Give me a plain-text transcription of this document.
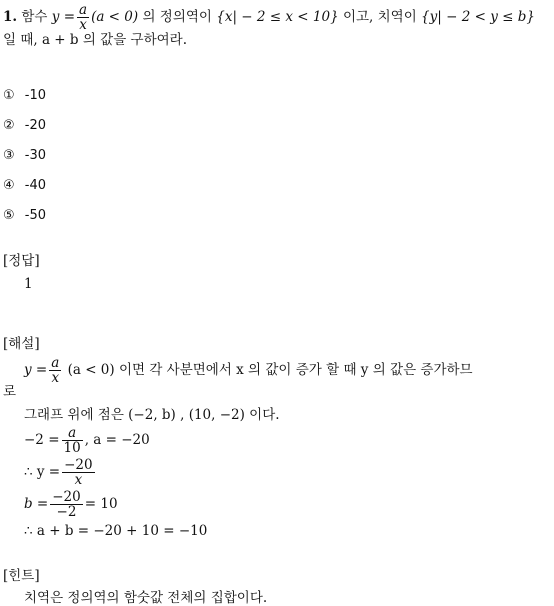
1. 함수 $y = \frac{a}{x} (a < 0)$ 의 정의역이 {x| − 2 ≤ x < 10} 이고, 치역이 {y| − 2 < y ≤ b}
일 때, a + b 의 값을 구하여라.
① -10
② -20
③ -30
④ -40
⑤ -50
[정답]
1
[해설]
$y = \frac{a}{x} (a < 0)$ 이면 각 사분면에서 x 의 값이 증가 할 때 y 의 값은 증가하므
로
그래프 위에 점은 (−2, b) , (10, −2) 이다.
$-2 = \frac{a}{10}$ , a = −20
∴ $y = \frac{-20}{x}$
$b = \frac{-20}{-2} = 10$
∴ a + b = −20 + 10 = −10
[힌트]
치역은 정의역의 함숫값 전체의 집합이다.
